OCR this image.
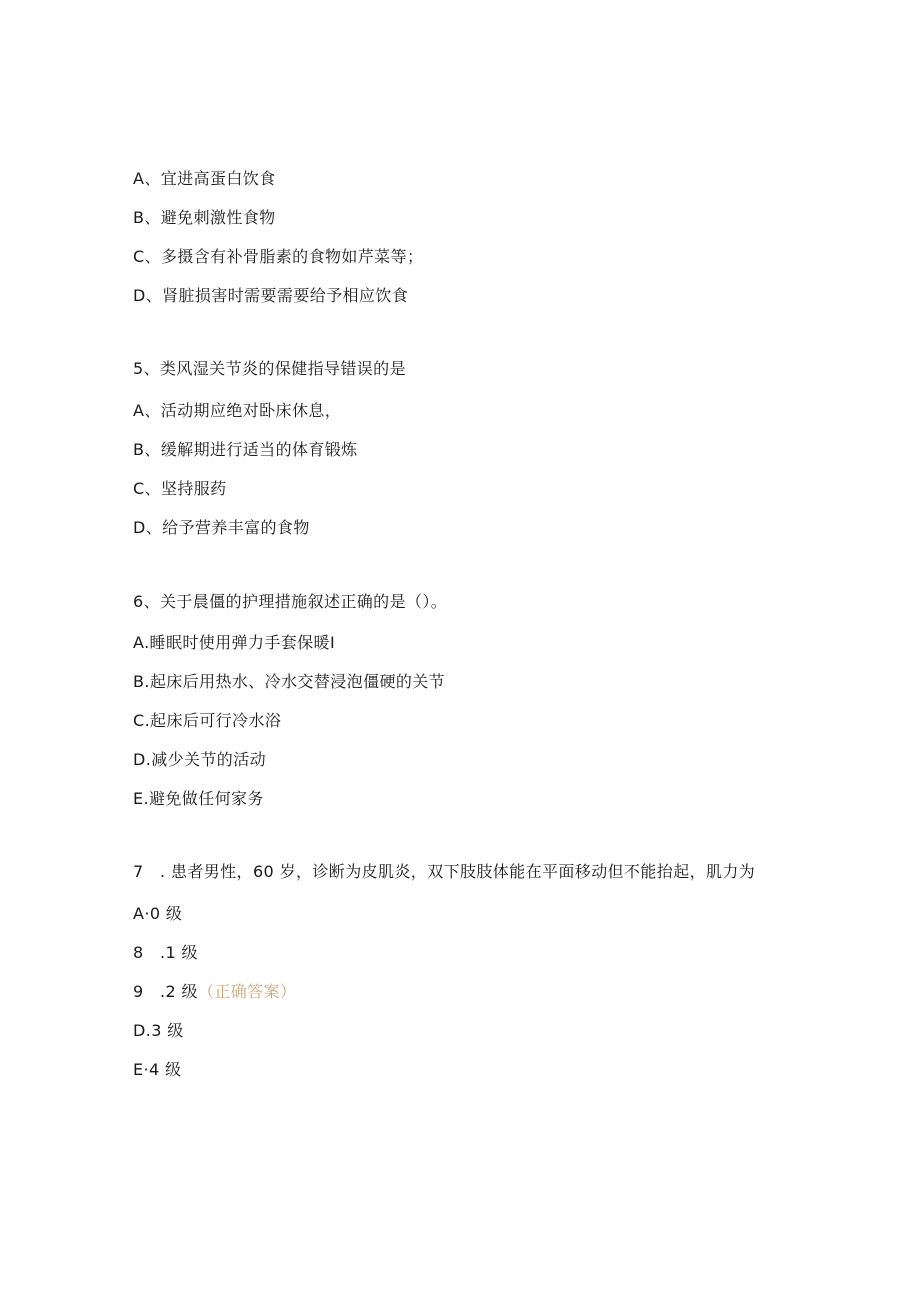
A、宜进高蛋白饮食
B、避免刺激性食物
C、多摄含有补骨脂素的食物如芹菜等；
D、肾脏损害时需要需要给予相应饮食
5、类风湿关节炎的保健指导错误的是
A、活动期应绝对卧床休息，
B、缓解期进行适当的体育锻炼
C、坚持服药
D、给予营养丰富的食物
6、关于晨僵的护理措施叙述正确的是（）。
A.睡眠时使用弹力手套保暖I
B.起床后用热水、冷水交替浸泡僵硬的关节
C.起床后可行冷水浴
D.减少关节的活动
E.避免做任何家务
7　. 患者男性，60 岁，诊断为皮肌炎，双下肢肢体能在平面移动但不能抬起，肌力为
A·0 级
8　.1 级
9　.2 级（正确答案）
D.3 级
E·4 级
